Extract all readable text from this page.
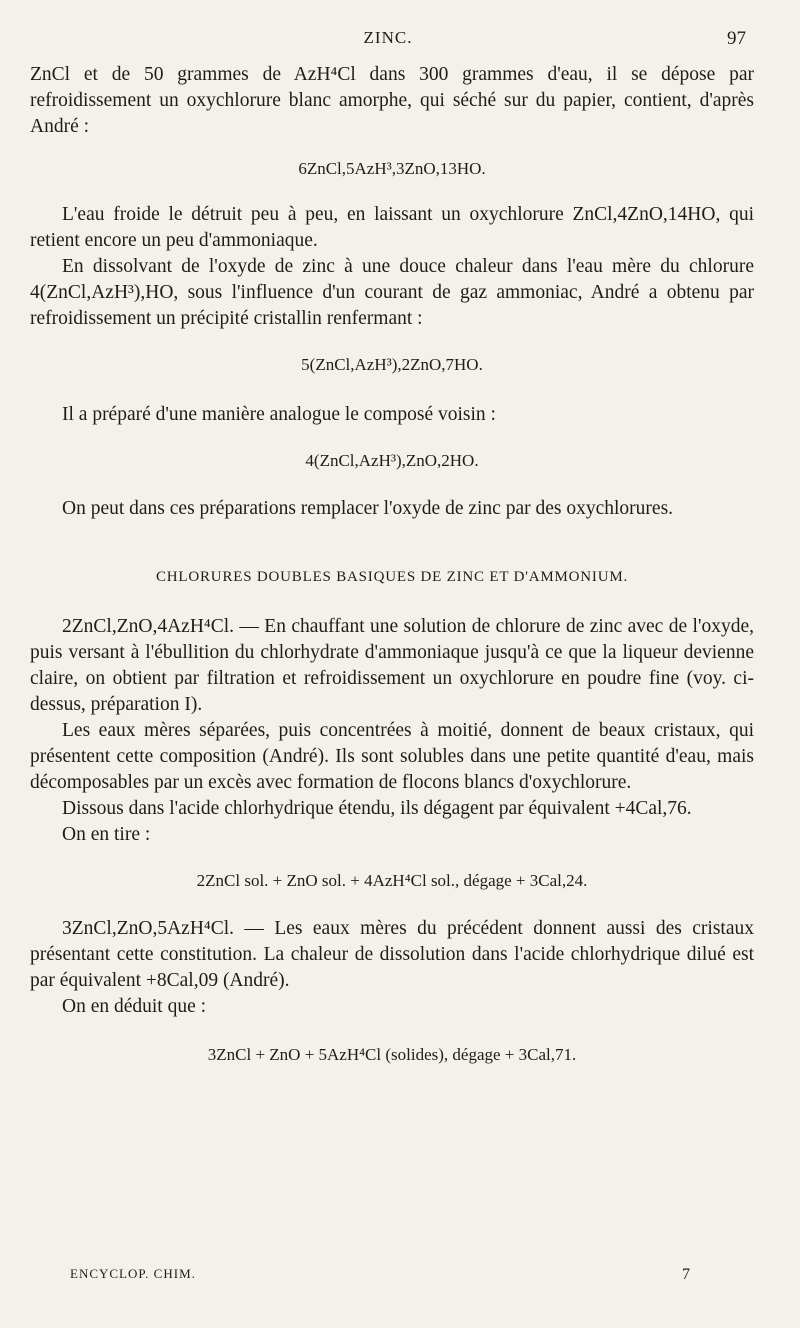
ZINC.	97

ZnCl et de 50 grammes de AzH⁴Cl dans 300 grammes d'eau, il se dépose par refroidissement un oxychlorure blanc amorphe, qui séché sur du papier, contient, d'après André :

6ZnCl,5AzH³,3ZnO,13HO.

L'eau froide le détruit peu à peu, en laissant un oxychlorure ZnCl,4ZnO,14HO, qui retient encore un peu d'ammoniaque.

En dissolvant de l'oxyde de zinc à une douce chaleur dans l'eau mère du chlorure 4(ZnCl,AzH³),HO, sous l'influence d'un courant de gaz ammoniac, André a obtenu par refroidissement un précipité cristallin renfermant :

5(ZnCl,AzH³),2ZnO,7HO.

Il a préparé d'une manière analogue le composé voisin :

4(ZnCl,AzH³),ZnO,2HO.

On peut dans ces préparations remplacer l'oxyde de zinc par des oxychlorures.

CHLORURES DOUBLES BASIQUES DE ZINC ET D'AMMONIUM.

2ZnCl,ZnO,4AzH⁴Cl. — En chauffant une solution de chlorure de zinc avec de l'oxyde, puis versant à l'ébullition du chlorhydrate d'ammoniaque jusqu'à ce que la liqueur devienne claire, on obtient par filtration et refroidissement un oxychlorure en poudre fine (voy. ci-dessus, préparation I).

Les eaux mères séparées, puis concentrées à moitié, donnent de beaux cristaux, qui présentent cette composition (André). Ils sont solubles dans une petite quantité d'eau, mais décomposables par un excès avec formation de flocons blancs d'oxychlorure.

Dissous dans l'acide chlorhydrique étendu, ils dégagent par équivalent +4Cal,76.

On en tire :

2ZnCl sol. + ZnO sol. + 4AzH⁴Cl sol., dégage + 3Cal,24.

3ZnCl,ZnO,5AzH⁴Cl. — Les eaux mères du précédent donnent aussi des cristaux présentant cette constitution. La chaleur de dissolution dans l'acide chlorhydrique dilué est par équivalent +8Cal,09 (André).

On en déduit que :

3ZnCl + ZnO + 5AzH⁴Cl (solides), dégage + 3Cal,71.

ENCYCLOP. CHIM.	7
